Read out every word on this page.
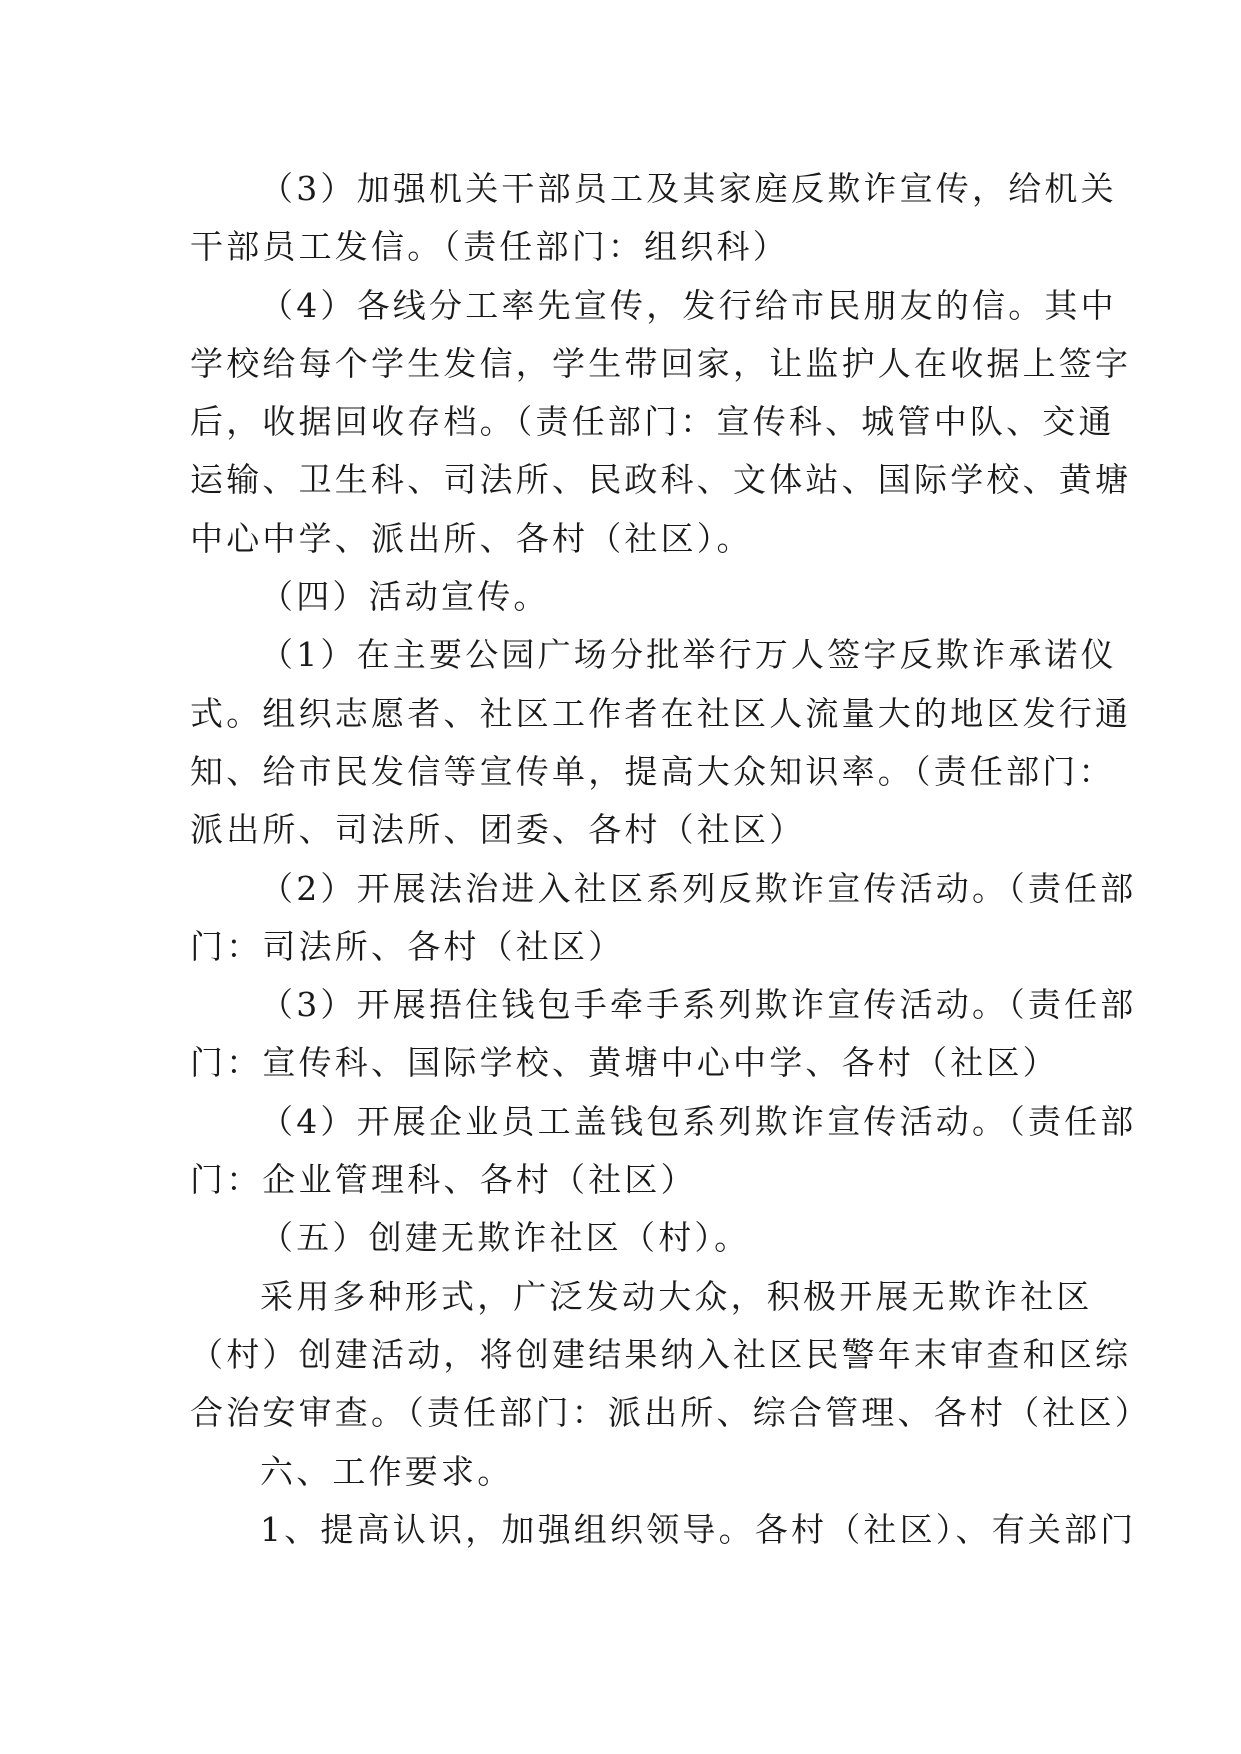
（3）加强机关干部员工及其家庭反欺诈宣传，给机关
干部员工发信。（责任部门：组织科）
（4）各线分工率先宣传，发行给市民朋友的信。其中
学校给每个学生发信，学生带回家，让监护人在收据上签字
后，收据回收存档。（责任部门：宣传科、城管中队、交通
运输、卫生科、司法所、民政科、文体站、国际学校、黄塘
中心中学、派出所、各村（社区）。
（四）活动宣传。
（1）在主要公园广场分批举行万人签字反欺诈承诺仪
式。组织志愿者、社区工作者在社区人流量大的地区发行通
知、给市民发信等宣传单，提高大众知识率。（责任部门：
派出所、司法所、团委、各村（社区）
（2）开展法治进入社区系列反欺诈宣传活动。（责任部
门：司法所、各村（社区）
（3）开展捂住钱包手牵手系列欺诈宣传活动。（责任部
门：宣传科、国际学校、黄塘中心中学、各村（社区）
（4）开展企业员工盖钱包系列欺诈宣传活动。（责任部
门：企业管理科、各村（社区）
（五）创建无欺诈社区（村）。
采用多种形式，广泛发动大众，积极开展无欺诈社区
（村）创建活动，将创建结果纳入社区民警年末审查和区综
合治安审查。（责任部门：派出所、综合管理、各村（社区）
六、工作要求。
1、提高认识，加强组织领导。各村（社区）、有关部门
